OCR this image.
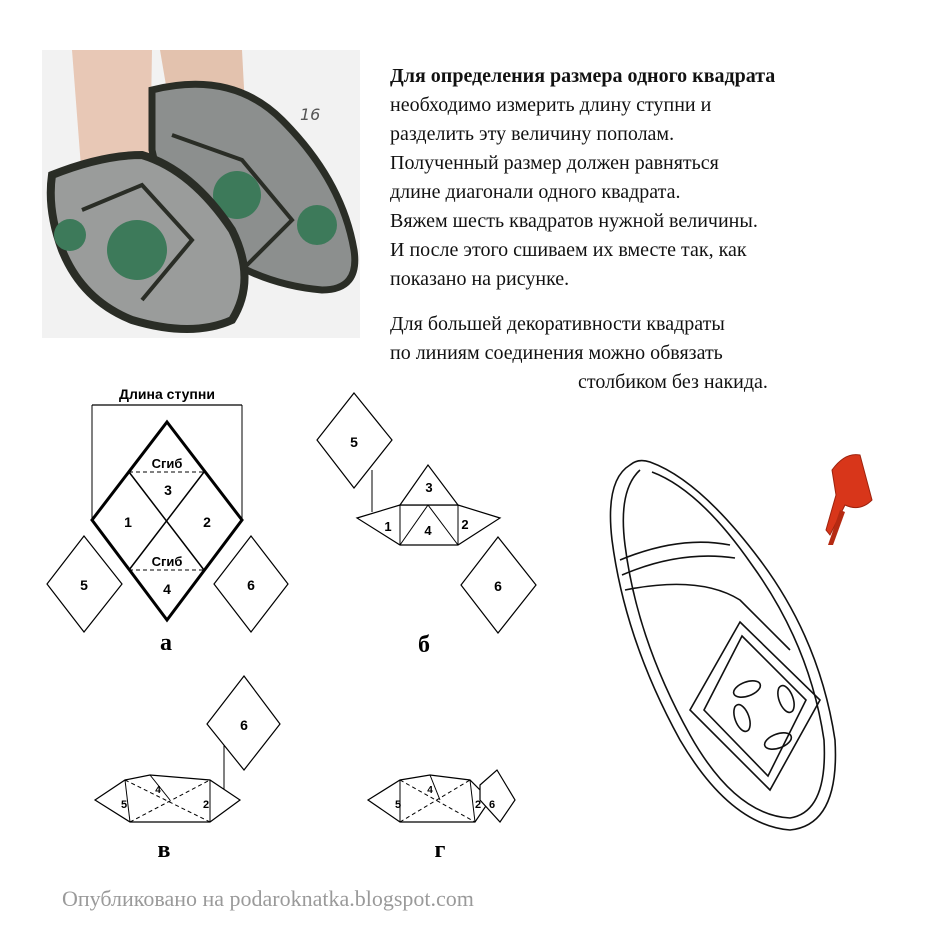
16
Для определения размера одного квадрата
необходимо измерить длину ступни и
разделить эту величину пополам.
Полученный размер должен равняться
длине диагонали одного квадрата.
Вяжем шесть квадратов нужной величины.
И после этого сшиваем их вместе так, как
показано на рисунке.
Для большей декоративности квадраты
по линиям соединения можно обвязать
столбиком без накида.
Длина ступни
Сгиб
Сгиб
3
1	2
4
5	6
а
5
3
1	4 2
6
б
6
5
4
2
в
5
4
2 6
г
Опубликовано на podaroknatka.blogspot.com
